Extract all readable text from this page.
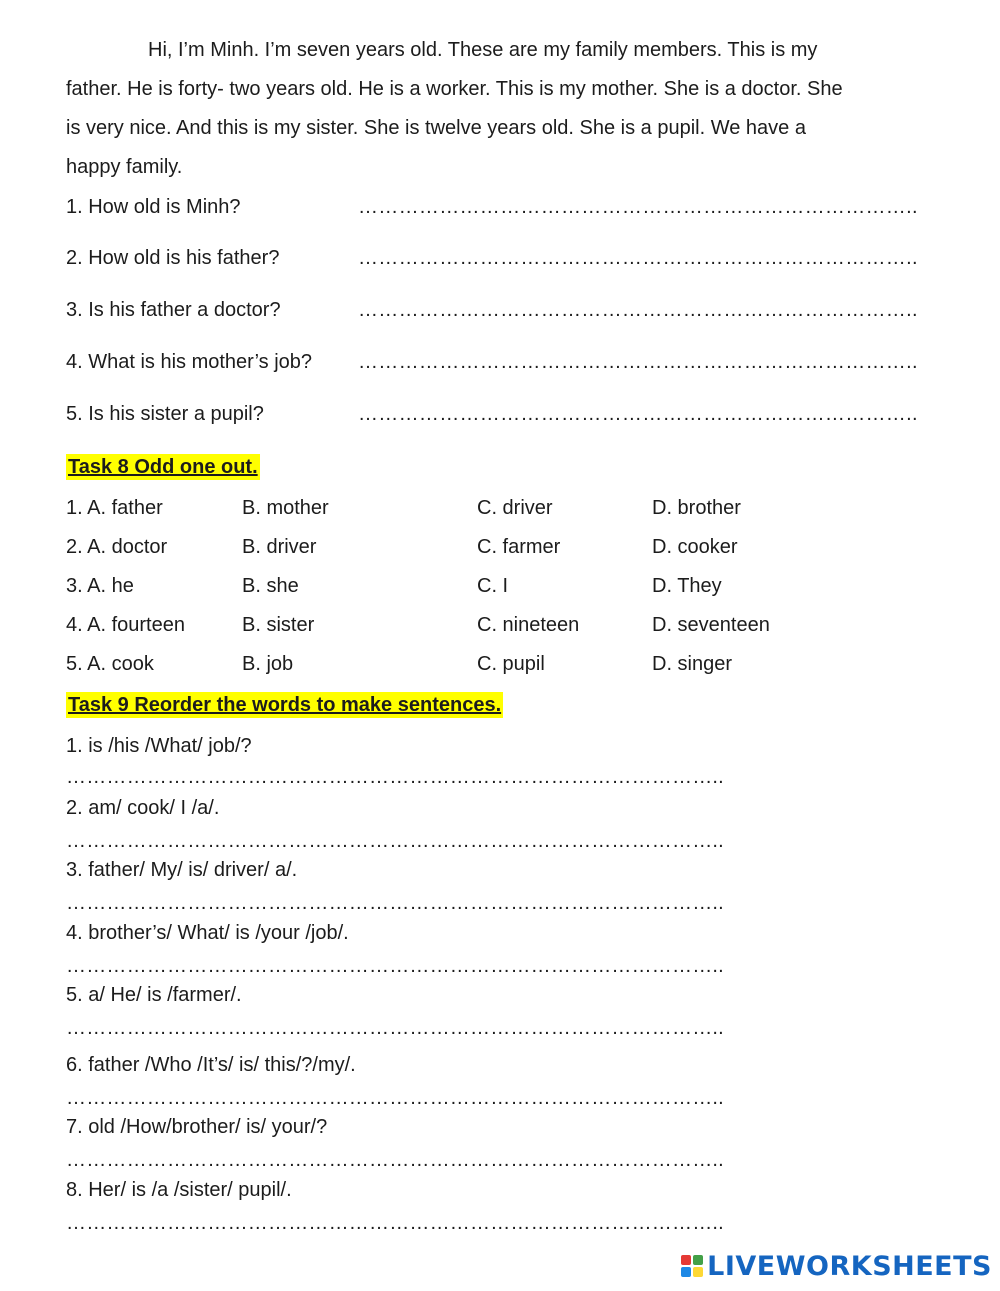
Hi, I’m Minh. I’m seven years old. These are my family members. This is my
father. He is forty- two years old. He is a worker. This is my mother. She is a doctor. She
is very nice. And this is my sister. She is twelve years old. She is a pupil. We have a
happy family.
1. How old is Minh?	………………………………………………………………………..
2. How old is his father?	………………………………………………………………………..
3. Is his father a doctor?	………………………………………………………………………..
4. What is his mother’s job? ………………………………………………………………………..
5. Is his sister a pupil?	………………………………………………………………………..
Task 8 Odd one out.
1. A. father	B. mother	C. driver	D. brother
2. A. doctor	B. driver	C. farmer	D. cooker
3. A. he	B. she	C. I	D. They
4. A. fourteen	B. sister	C. nineteen	D. seventeen
5. A. cook	B. job	C. pupil	D. singer
Task 9 Reorder the words to make sentences.
1. is /his /What/ job/?
……………………………………………………………………………………..
2. am/ cook/ I /a/.
……………………………………………………………………………………..
3. father/ My/ is/ driver/ a/.
……………………………………………………………………………………..
4. brother’s/ What/ is /your /job/.
……………………………………………………………………………………..
5. a/ He/ is /farmer/.
……………………………………………………………………………………..
6. father /Who /It’s/ is/ this/?/my/.
……………………………………………………………………………………..
7. old /How/brother/ is/ your/?
……………………………………………………………………………………..
8. Her/ is /a /sister/ pupil/.
……………………………………………………………………………………..
LIVEWORKSHEETS
